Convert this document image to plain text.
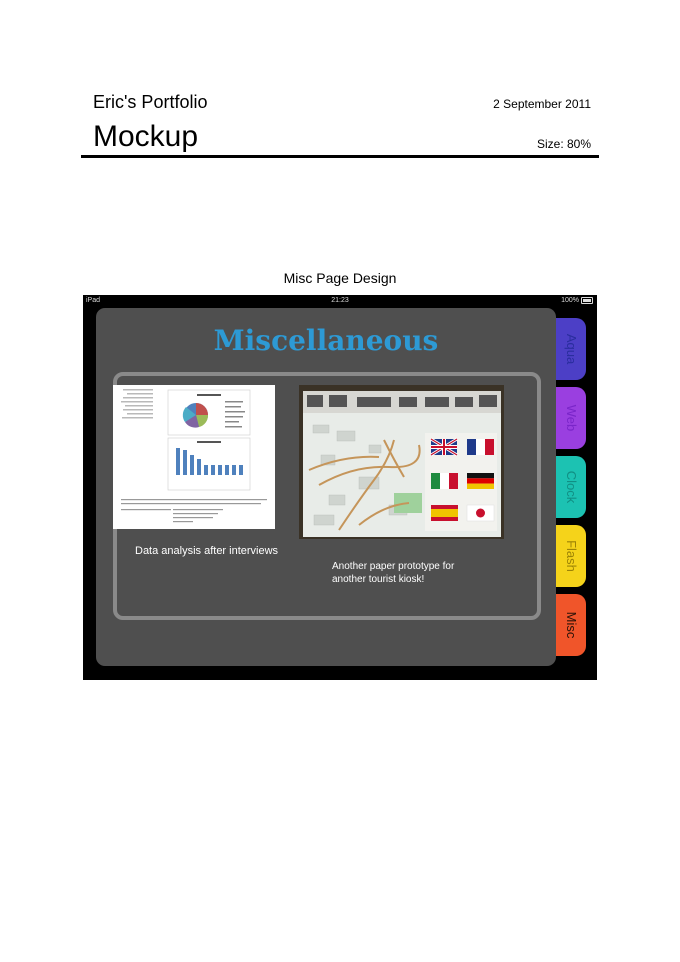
Eric's Portfolio	2 September 2011
Mockup	Size: 80%
Misc Page Design
iPad	21:23	100%
Miscellaneous
Data analysis after interviews
Another paper prototype for another tourist kiosk!
Aqua
Web
Clock
Flash
Misc
